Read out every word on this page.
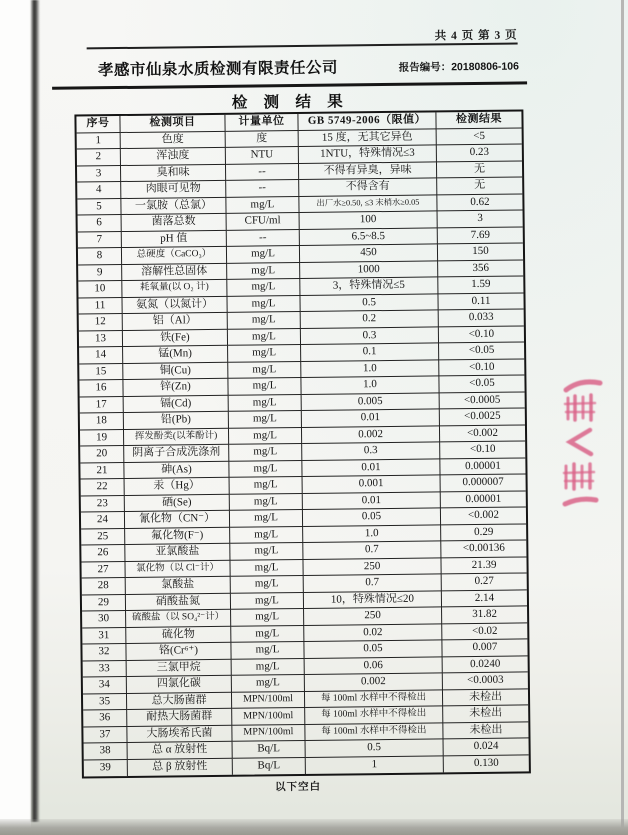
共 4 页 第 3 页
孝感市仙泉水质检测有限责任公司	报告编号：20180806-106
检 测 结 果
序号	检测项目	计量单位	GB 5749-2006（限值）	检测结果
1	色度	度	15 度，无其它异色	<5
2	浑浊度	NTU	1NTU，特殊情况≤3	0.23
3	臭和味	--	不得有异臭，异味	无
4	肉眼可见物	--	不得含有	无
5	一氯胺（总氯）	mg/L	出厂水≥0.50, ≤3 末梢水≥0.05	0.62
6	菌落总数	CFU/ml	100	3
7	pH 值	--	6.5~8.5	7.69
8	总硬度（CaCO₃）	mg/L	450	150
9	溶解性总固体	mg/L	1000	356
10	耗氧量(以 O₂ 计)	mg/L	3，特殊情况≤5	1.59
11	氨氮（以氮计）	mg/L	0.5	0.11
12	铝（Al）	mg/L	0.2	0.033
13	铁(Fe)	mg/L	0.3	<0.10
14	锰(Mn)	mg/L	0.1	<0.05
15	铜(Cu)	mg/L	1.0	<0.10
16	锌(Zn)	mg/L	1.0	<0.05
17	镉(Cd)	mg/L	0.005	<0.0005
18	铅(Pb)	mg/L	0.01	<0.0025
19	挥发酚类(以苯酚计)	mg/L	0.002	<0.002
20	阴离子合成洗涤剂	mg/L	0.3	<0.10
21	砷(As)	mg/L	0.01	0.00001
22	汞（Hg）	mg/L	0.001	0.000007
23	硒(Se)	mg/L	0.01	0.00001
24	氰化物（CN⁻）	mg/L	0.05	<0.002
25	氟化物(F⁻)	mg/L	1.0	0.29
26	亚氯酸盐	mg/L	0.7	<0.00136
27	氯化物（以 Cl⁻计）	mg/L	250	21.39
28	氯酸盐	mg/L	0.7	0.27
29	硝酸盐氮	mg/L	10，特殊情况≤20	2.14
30	硫酸盐（以 SO₄²⁻计）	mg/L	250	31.82
31	硫化物	mg/L	0.02	<0.02
32	铬(Cr⁶⁺)	mg/L	0.05	0.007
33	三氯甲烷	mg/L	0.06	0.0240
34	四氯化碳	mg/L	0.002	<0.0003
35	总大肠菌群	MPN/100ml	每 100ml 水样中不得检出	未检出
36	耐热大肠菌群	MPN/100ml	每 100ml 水样中不得检出	未检出
37	大肠埃希氏菌	MPN/100ml	每 100ml 水样中不得检出	未检出
38	总 α 放射性	Bq/L	0.5	0.024
39	总 β 放射性	Bq/L	1	0.130
以下空白
